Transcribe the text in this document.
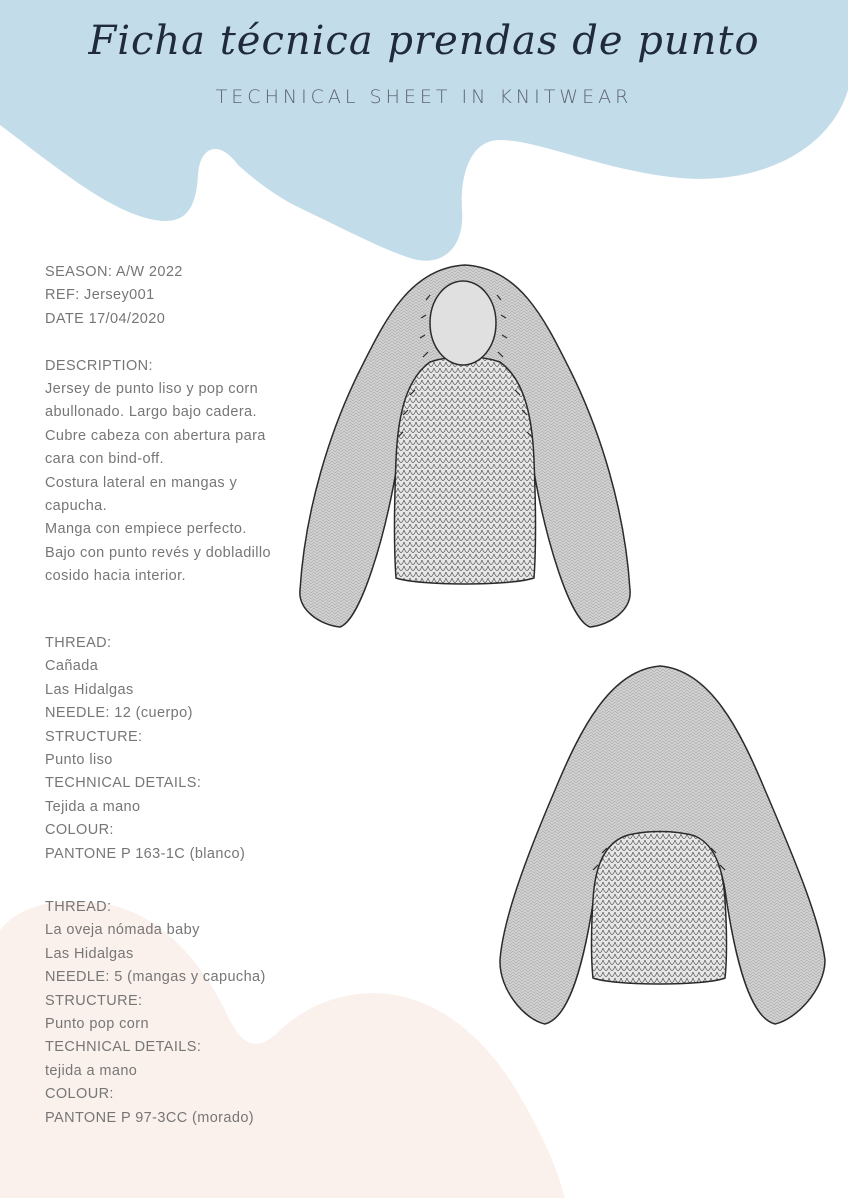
Ficha técnica prendas de punto
TECHNICAL SHEET IN KNITWEAR
SEASON: A/W 2022
REF: Jersey001
DATE 17/04/2020
DESCRIPTION:
Jersey de punto liso y pop corn
abullonado. Largo bajo cadera.
Cubre cabeza con abertura para
cara con bind-off.
Costura lateral en mangas y
capucha.
Manga con empiece perfecto.
Bajo con punto revés y dobladillo
cosido hacia interior.
THREAD:
Cañada
Las Hidalgas
NEEDLE: 12 (cuerpo)
STRUCTURE:
Punto liso
TECHNICAL DETAILS:
Tejida a mano
COLOUR:
PANTONE P 163-1C (blanco)
THREAD:
La oveja nómada baby
Las Hidalgas
NEEDLE: 5 (mangas y capucha)
STRUCTURE:
Punto pop corn
TECHNICAL DETAILS:
tejida a mano
COLOUR:
PANTONE P 97-3CC (morado)
